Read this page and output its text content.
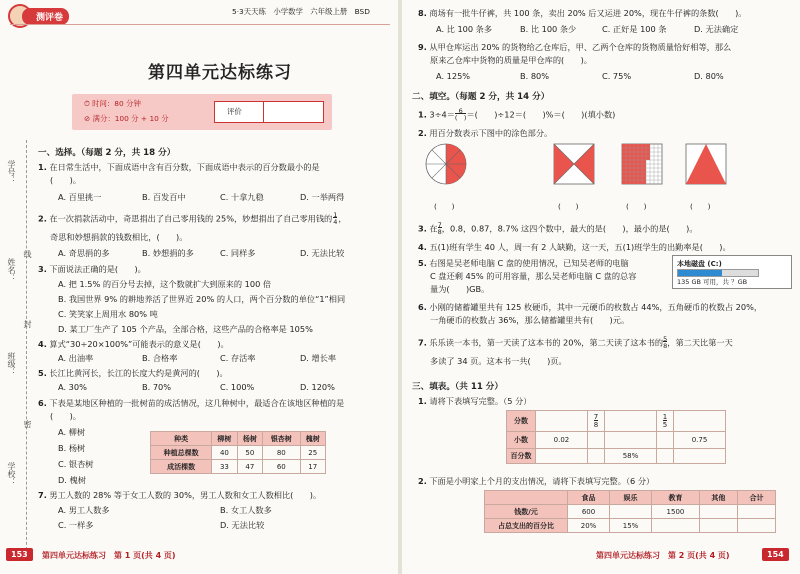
测评卷
5·3天天练　小学数学　六年级上册　BSD
第四单元达标练习
⏱ 时间：80 分钟
⊘ 满分：100 分 + 10 分
评价
学号：
姓名：
班级：
学校：
线
封
密
一、选择。（每题 2 分，共 18 分）
1. 在日常生活中，下面成语中含有百分数，下面成语中表示的百分数最小的是
(　　)。
A. 百里挑一	B. 百发百中	C. 十拿九稳	D. 一举两得
2. 在一次捐款活动中，奇思捐出了自己零用钱的 25%，妙想捐出了自己零用钱的$\frac{1}{4}$，
奇思和妙想捐款的钱数相比，(　　)。
A. 奇思捐的多	B. 妙想捐的多	C. 同样多	D. 无法比较
3. 下面说法正确的是(　　)。
A. 把 1.5% 的百分号去掉，这个数就扩大到原来的 100 倍
B. 我国世界 9% 的耕地养活了世界近 20% 的人口，两个百分数的单位“1”相同
C. 笑笑家上周用水 80% 吨
D. 某工厂生产了 105 个产品，全部合格，这些产品的合格率是 105%
4. 算式“30÷20×100%”可能表示的意义是(　　)。
A. 出油率	B. 合格率	C. 存活率	D. 增长率
5. 长江比黄河长，长江的长度大约是黄河的(　　)。
A. 30%	B. 70%	C. 100%	D. 120%
6. 下表是某地区种植的一批树苗的成活情况，这几种树中，最适合在该地区种植的是
(　　)。
A. 柳树
B. 杨树
C. 银杏树
D. 槐树
种类	柳树	杨树	银杏树	槐树
种植总棵数	40	50	80	25
成活棵数	33	47	60	17
7. 男工人数的 28% 等于女工人数的 30%，男工人数和女工人数相比(　　)。
A. 男工人数多	B. 女工人数多
C. 一样多	D. 无法比较
153	第四单元达标练习　第 1 页(共 4 页)
8. 商场有一批牛仔裤，共 100 条，卖出 20% 后又运进 20%，现在牛仔裤的条数(　　)。
A. 比 100 条多	B. 比 100 条少	C. 正好是 100 条	D. 无法确定
9. 从甲仓库运出 20% 的货物给乙仓库后，甲、乙两个仓库的货物质量恰好相等，那么
原来乙仓库中货物的质量是甲仓库的(　　)。
A. 125%	B. 80%	C. 75%	D. 80%
二、填空。（每题 2 分，共 14 分）
1. 3÷4＝ 6
(　)＝(　　)÷12＝(　　)%＝(　　)(填小数)
2. 用百分数表示下图中的涂色部分。
(　　)	(　　)	(　　)	(　　)
3. 在$\frac{7}{8}$，0.8，0.87，8.7% 这四个数中，最大的是(　　)，最小的是(　　)。
4. 五(1)班有学生 40 人，周一有 2 人缺勤，这一天，五(1)班学生的出勤率是(　　)。
5. 右图是吴老师电脑 C 盘的使用情况，已知吴老师的电脑
C 盘还剩 45% 的可用容量，那么吴老师电脑 C 盘的总容
量为(　　)GB。
本地磁盘 (C:)
135 GB 可用，共 ？GB
6. 小刚的储蓄罐里共有 125 枚硬币，其中一元硬币的枚数占 44%，五角硬币的枚数占 20%，
一角硬币的枚数占 36%，那么储蓄罐里共有(　　)元。
7. 乐乐读一本书，第一天读了这本书的 20%，第二天读了这本书的$\frac{5}{8}$，第二天比第一天
多读了 34 页。这本书一共(　　)页。
三、填表。（共 11 分）
1. 请将下表填写完整。（5 分）
分数		$\frac{7}{8}$		$\frac{1}{5}$	
小数	0.02				0.75
百分数			58%		
2. 下面是小明家上个月的支出情况，请将下表填写完整。（6 分）
	食品	娱乐	教育	其他	合计
钱数/元	600		1500		
占总支出的百分比	20%	15%			
第四单元达标练习　第 2 页(共 4 页)	154
